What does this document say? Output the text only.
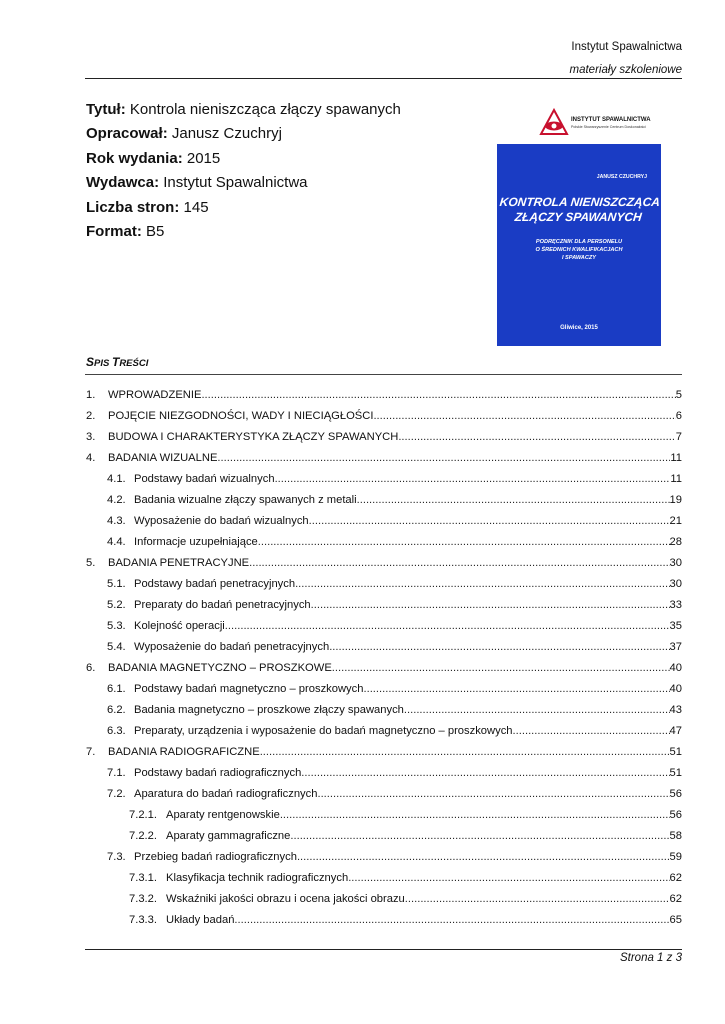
Instytut Spawalnictwa
materiały szkoleniowe
Tytuł: Kontrola nieniszcząca złączy spawanych
Opracował: Janusz Czuchryj
Rok wydania: 2015
Wydawca: Instytut Spawalnictwa
Liczba stron: 145
Format: B5
INSTYTUT SPAWALNICTWA
Polskie Stowarzyszenie Centrum Doskonałości
JANUSZ CZUCHRYJ
KONTROLA NIENISZCZĄCA
ZŁĄCZY SPAWANYCH
PODRĘCZNIK DLA PERSONELU
O ŚREDNICH KWALIFIKACJACH
I SPAWACZY
Gliwice, 2015
SPIS TREŚCI
1. WPROWADZENIE .....	5
2. POJĘCIE NIEZGODNOŚCI, WADY I NIECIĄGŁOŚCI .....	6
3. BUDOWA I CHARAKTERYSTYKA ZŁĄCZY SPAWANYCH .....	7
4. BADANIA WIZUALNE .....	11
4.1. Podstawy badań wizualnych .....	11
4.2. Badania wizualne złączy spawanych z metali .....	19
4.3. Wyposażenie do badań wizualnych .....	21
4.4. Informacje uzupełniające .....	28
5. BADANIA PENETRACYJNE .....	30
5.1. Podstawy badań penetracyjnych .....	30
5.2. Preparaty do badań penetracyjnych .....	33
5.3. Kolejność operacji .....	35
5.4. Wyposażenie do badań penetracyjnych .....	37
6. BADANIA MAGNETYCZNO – PROSZKOWE .....	40
6.1. Podstawy badań magnetyczno – proszkowych .....	40
6.2. Badania magnetyczno – proszkowe złączy spawanych .....	43
6.3. Preparaty, urządzenia i wyposażenie do badań magnetyczno – proszkowych .....	47
7. BADANIA RADIOGRAFICZNE .....	51
7.1. Podstawy badań radiograficznych .....	51
7.2. Aparatura do badań radiograficznych .....	56
7.2.1. Aparaty rentgenowskie .....	56
7.2.2. Aparaty gammagraficzne .....	58
7.3. Przebieg badań radiograficznych .....	59
7.3.1. Klasyfikacja technik radiograficznych .....	62
7.3.2. Wskaźniki jakości obrazu i ocena jakości obrazu .....	62
7.3.3. Układy badań .....	65
Strona 1 z 3
